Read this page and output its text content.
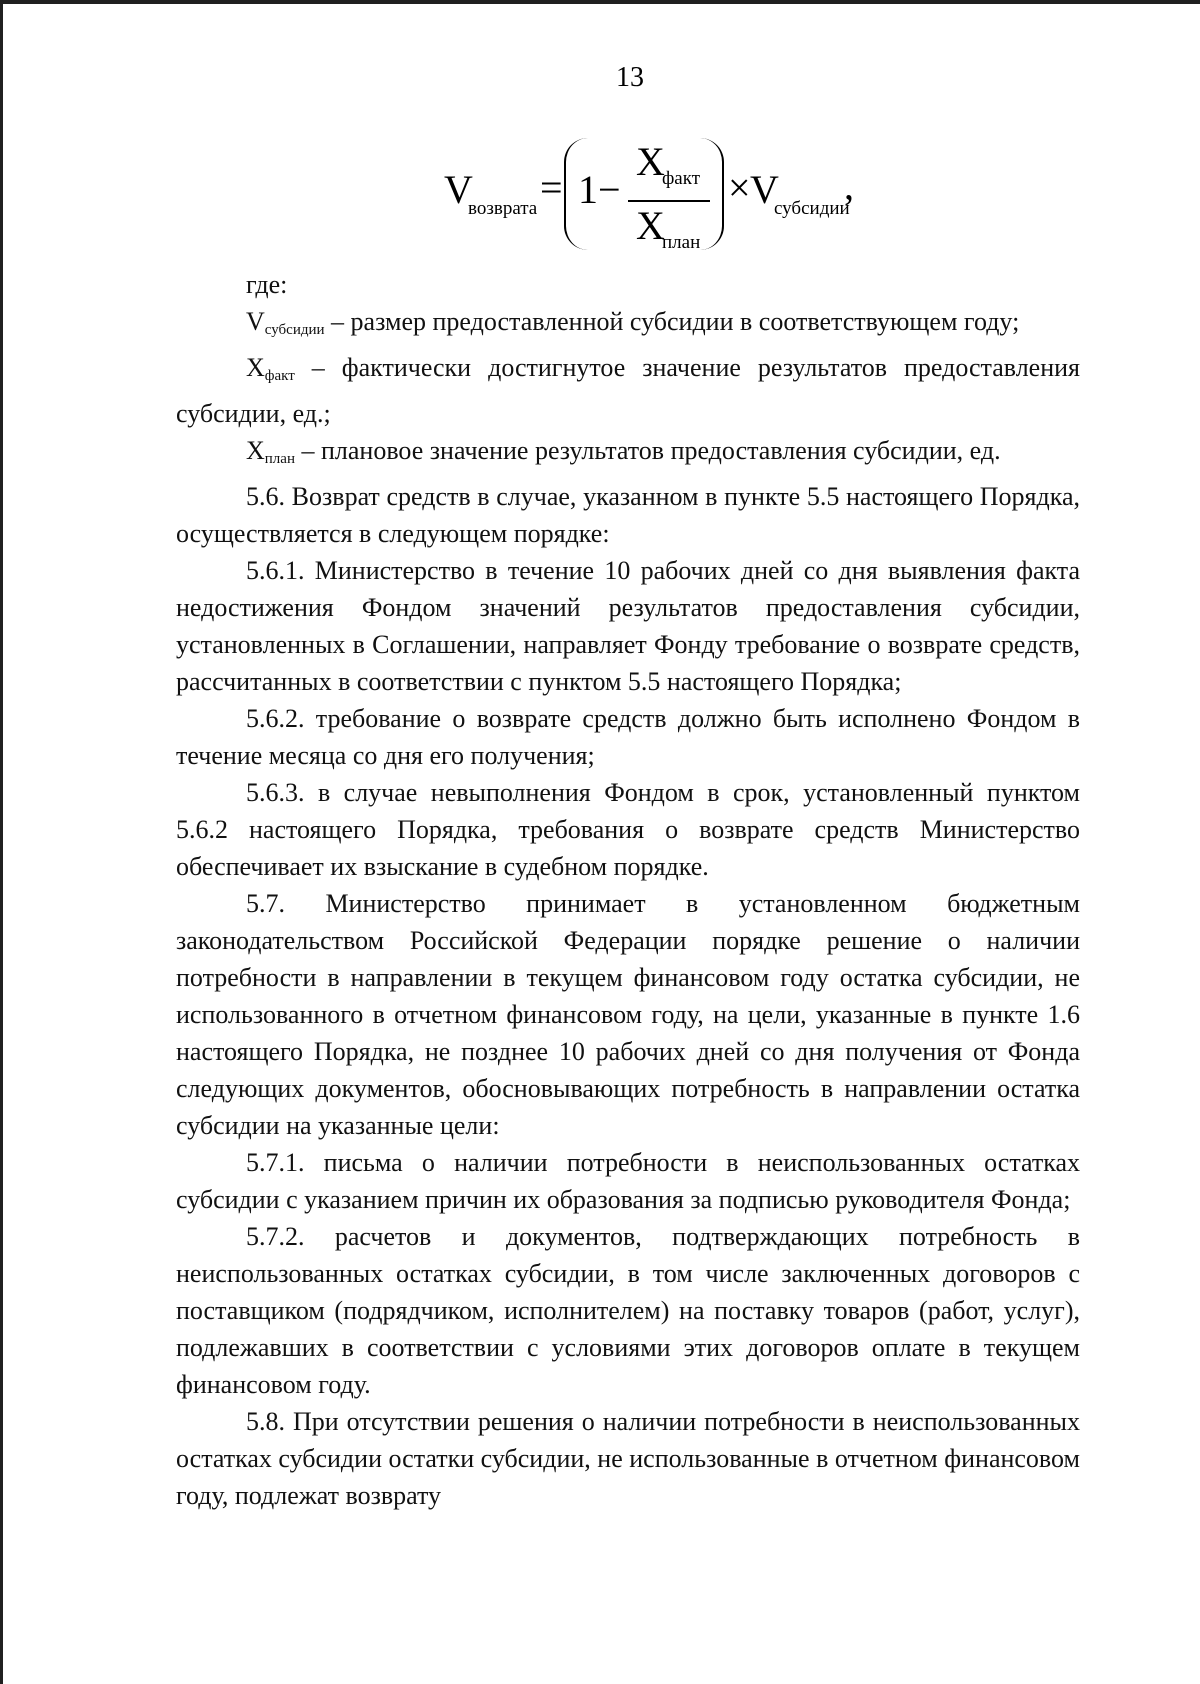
13
V
возврата = 1−
X
факт
X
план
× V
субсидии
,

где:

$V_{субсидии}$ – размер предоставленной субсидии в соответствующем году;

$X_{факт}$ – фактически достигнутое значение результатов предоставления субсидии, ед.;

$X_{план}$ – плановое значение результатов предоставления субсидии, ед.

5.6. Возврат средств в случае, указанном в пункте 5.5 настоящего Порядка, осуществляется в следующем порядке:

5.6.1. Министерство в течение 10 рабочих дней со дня выявления факта недостижения Фондом значений результатов предоставления субсидии, установленных в Соглашении, направляет Фонду требование о возврате средств, рассчитанных в соответствии с пунктом 5.5 настоящего Порядка;

5.6.2. требование о возврате средств должно быть исполнено Фондом в течение месяца со дня его получения;

5.6.3. в случае невыполнения Фондом в срок, установленный пунктом 5.6.2 настоящего Порядка, требования о возврате средств Министерство обеспечивает их взыскание в судебном порядке.

5.7. Министерство принимает в установленном бюджетным законодательством Российской Федерации порядке решение о наличии потребности в направлении в текущем финансовом году остатка субсидии, не использованного в отчетном финансовом году, на цели, указанные в пункте 1.6 настоящего Порядка, не позднее 10 рабочих дней со дня получения от Фонда следующих документов, обосновывающих потребность в направлении остатка субсидии на указанные цели:

5.7.1. письма о наличии потребности в неиспользованных остатках субсидии с указанием причин их образования за подписью руководителя Фонда;

5.7.2. расчетов и документов, подтверждающих потребность в неиспользованных остатках субсидии, в том числе заключенных договоров с поставщиком (подрядчиком, исполнителем) на поставку товаров (работ, услуг), подлежавших в соответствии с условиями этих договоров оплате в текущем финансовом году.

5.8. При отсутствии решения о наличии потребности в неиспользованных остатках субсидии остатки субсидии, не использованные в отчетном финансовом году, подлежат возврату
